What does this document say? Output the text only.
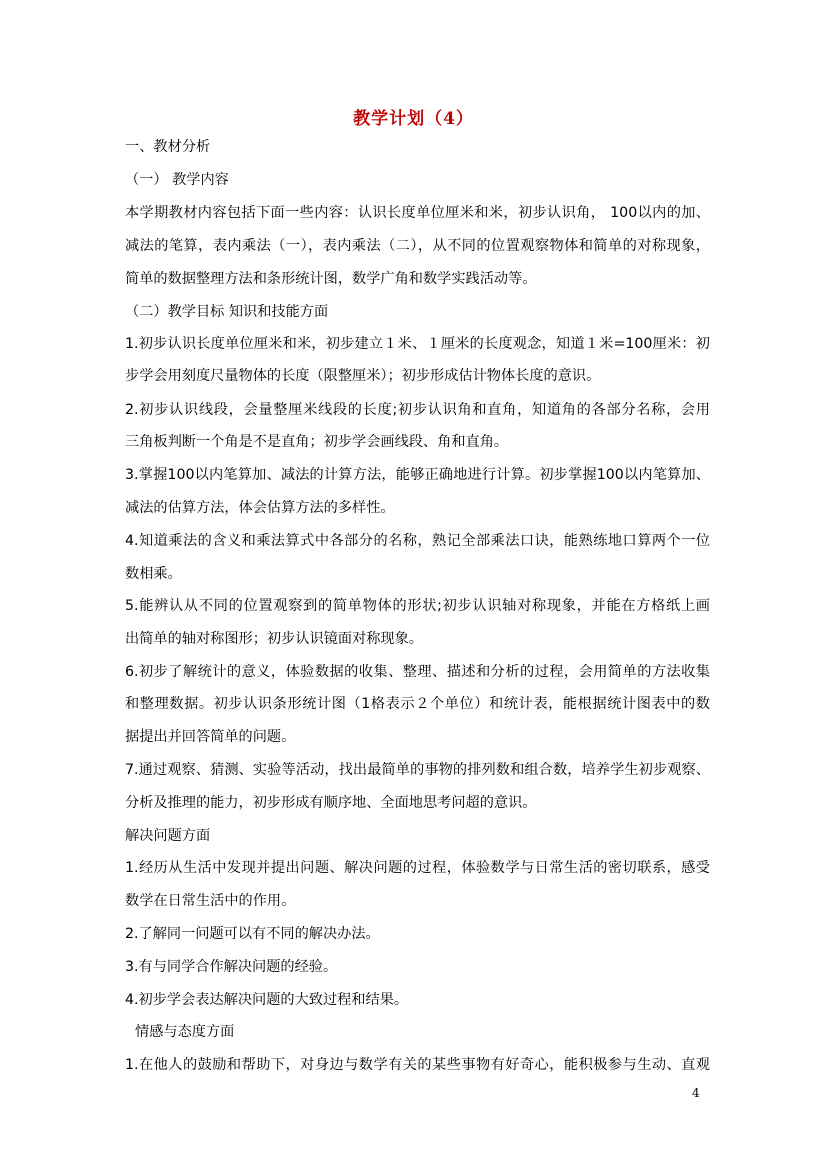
教学计划（4）
一、教材分析
（一） 教学内容
本学期教材内容包括下面一些内容：认识长度单位厘米和米，初步认识角， 100以内的加、
减法的笔算，表内乘法（一），表内乘法（二），从不同的位置观察物体和简单的对称现象，
简单的数据整理方法和条形统计图，数学广角和数学实践活动等。
（二）教学目标 知识和技能方面
1.初步认识长度单位厘米和米，初步建立１米、１厘米的长度观念，知道１米=100厘米：初
步学会用刻度尺量物体的长度（限整厘米）；初步形成估计物体长度的意识。
2.初步认识线段，会量整厘米线段的长度;初步认识角和直角，知道角的各部分名称，会用
三角板判断一个角是不是直角；初步学会画线段、角和直角。
3.掌握100以内笔算加、减法的计算方法，能够正确地进行计算。初步掌握100以内笔算加、
减法的估算方法，体会估算方法的多样性。
4.知道乘法的含义和乘法算式中各部分的名称，熟记全部乘法口诀，能熟练地口算两个一位
数相乘。
5.能辨认从不同的位置观察到的简单物体的形状;初步认识轴对称现象，并能在方格纸上画
出简单的轴对称图形；初步认识镜面对称现象。
6.初步了解统计的意义，体验数据的收集、整理、描述和分析的过程，会用简单的方法收集
和整理数据。初步认识条形统计图（1格表示２个单位）和统计表，能根据统计图表中的数
据提出并回答简单的问题。
7.通过观察、猜测、实验等活动，找出最简单的事物的排列数和组合数，培养学生初步观察、
分析及推理的能力，初步形成有顺序地、全面地思考问超的意识。
解决问题方面
1.经历从生活中发现并提出问题、解决问题的过程，体验数学与日常生活的密切联系，感受
数学在日常生活中的作用。
2.了解同一问题可以有不同的解决办法。
3.有与同学合作解决问题的经验。
4.初步学会表达解决问题的大致过程和结果。
情感与态度方面
1.在他人的鼓励和帮助下，对身边与数学有关的某些事物有好奇心，能积极参与生动、直观
4
